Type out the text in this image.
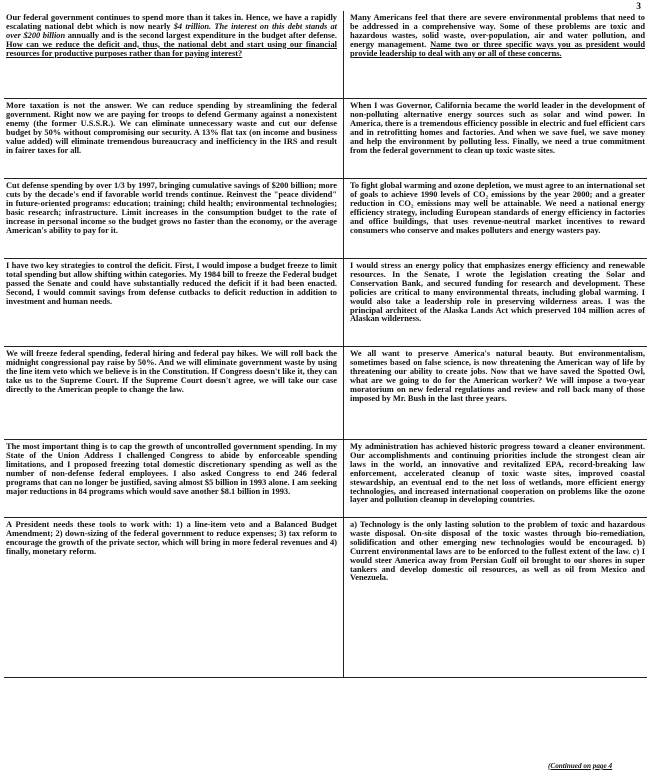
3

Our federal government continues to spend more than it takes in. Hence, we have a rapidly escalating national debt which is now nearly $4 trillion. The interest on this debt stands at over $200 billion annually and is the second largest expenditure in the budget after defense. How can we reduce the deficit and, thus, the national debt and start using our financial resources for productive purposes rather than for paying interest?

Many Americans feel that there are severe environmental problems that need to be addressed in a comprehensive way. Some of these problems are toxic and hazardous wastes, solid waste, over-population, air and water pollution, and energy management. Name two or three specific ways you as president would provide leadership to deal with any or all of these concerns.

More taxation is not the answer. We can reduce spending by streamlining the federal government. Right now we are paying for troops to defend Germany against a nonexistent enemy (the former U.S.S.R.). We can eliminate unnecessary waste and cut our defense budget by 50% without compromising our security. A 13% flat tax (on income and business value added) will eliminate tremendous bureaucracy and inefficiency in the IRS and result in fairer taxes for all.

When I was Governor, California became the world leader in the development of non-polluting alternative energy sources such as solar and wind power. In America, there is a tremendous efficiency possible in electric and fuel efficient cars and in retrofitting homes and factories. And when we save fuel, we save money and help the environment by polluting less. Finally, we need a true commitment from the federal government to clean up toxic waste sites.

Cut defense spending by over 1/3 by 1997, bringing cumulative savings of $200 billion; more cuts by the decade's end if favorable world trends continue. Reinvest the "peace dividend" in future-oriented programs: education; training; child health; environmental technologies; basic research; infrastructure. Limit increases in the consumption budget to the rate of increase in personal income so the budget grows no faster than the economy, or the average American's ability to pay for it.

To fight global warming and ozone depletion, we must agree to an international set of goals to achieve 1990 levels of CO₂ emissions by the year 2000; and a greater reduction in CO₂ emissions may well be attainable. We need a national energy efficiency strategy, including European standards of energy efficiency in factories and office buildings, that uses revenue-neutral market incentives to reward consumers who conserve and makes polluters and energy wasters pay.

I have two key strategies to control the deficit. First, I would impose a budget freeze to limit total spending but allow shifting within categories. My 1984 bill to freeze the Federal budget passed the Senate and could have substantially reduced the deficit if it had been enacted. Second, I would commit savings from defense cutbacks to deficit reduction in addition to investment and human needs.

I would stress an energy policy that emphasizes energy efficiency and renewable resources. In the Senate, I wrote the legislation creating the Solar and Conservation Bank, and secured funding for research and development. These policies are critical to many environmental threats, including global warming. I would also take a leadership role in preserving wilderness areas. I was the principal architect of the Alaska Lands Act which preserved 104 million acres of Alaskan wilderness.

We will freeze federal spending, federal hiring and federal pay hikes. We will roll back the midnight congressional pay raise by 50%. And we will eliminate government waste by using the line item veto which we believe is in the Constitution. If Congress doesn't like it, they can take us to the Supreme Court. If the Supreme Court doesn't agree, we will take our case directly to the American people to change the law.

We all want to preserve America's natural beauty. But environmentalism, sometimes based on false science, is now threatening the American way of life by threatening our ability to create jobs. Now that we have saved the Spotted Owl, what are we going to do for the American worker? We will impose a two-year moratorium on new federal regulations and review and roll back many of those imposed by Mr. Bush in the last three years.

The most important thing is to cap the growth of uncontrolled government spending. In my State of the Union Address I challenged Congress to abide by enforceable spending limitations, and I proposed freezing total domestic discretionary spending as well as the number of non-defense federal employees. I also asked Congress to end 246 federal programs that can no longer be justified, saving almost $5 billion in 1993 alone. I am seeking major reductions in 84 programs which would save another $8.1 billion in 1993.

My administration has achieved historic progress toward a cleaner environment. Our accomplishments and continuing priorities include the strongest clean air laws in the world, an innovative and revitalized EPA, record-breaking law enforcement, accelerated cleanup of toxic waste sites, improved coastal stewardship, an eventual end to the net loss of wetlands, more efficient energy technologies, and increased international cooperation on problems like the ozone layer and pollution cleanup in developing countries.

A President needs these tools to work with: 1) a line-item veto and a Balanced Budget Amendment; 2) down-sizing of the federal government to reduce expenses; 3) tax reform to encourage the growth of the private sector, which will bring in more federal revenues and 4) finally, monetary reform.

a) Technology is the only lasting solution to the problem of toxic and hazardous waste disposal. On-site disposal of the toxic wastes through bio-remediation, solidification and other emerging new technologies would be encouraged. b) Current environmental laws are to be enforced to the fullest extent of the law. c) I would steer America away from Persian Gulf oil brought to our shores in super tankers and develop domestic oil resources, as well as oil from Mexico and Venezuela.

(Continued on page 4
